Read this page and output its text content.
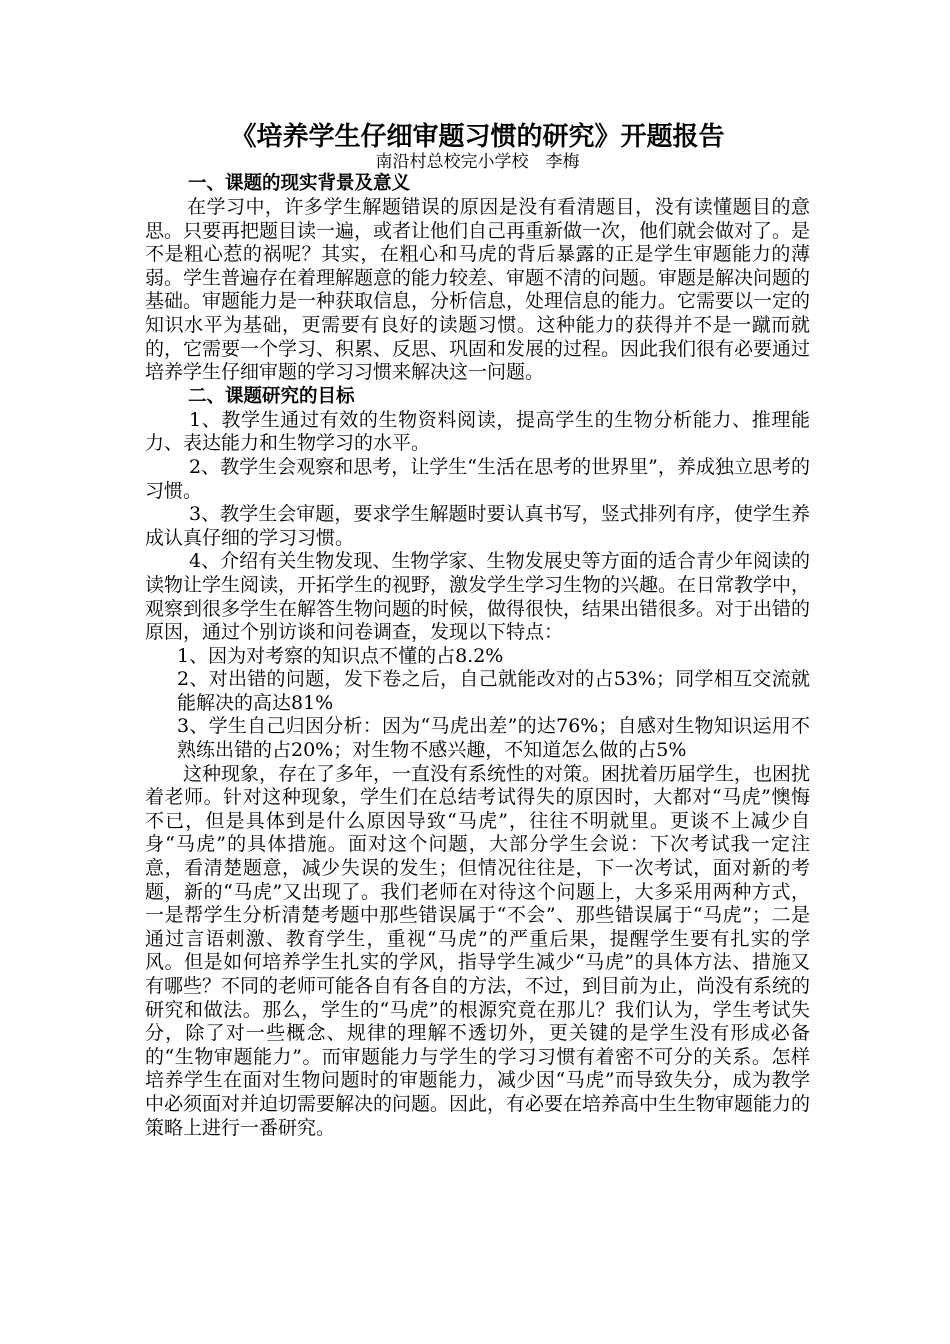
《培养学生仔细审题习惯的研究》开题报告
南沿村总校完小学校　李梅
一、课题的现实背景及意义

在学习中，许多学生解题错误的原因是没有看清题目，没有读懂题目的意思。只要再把题目读一遍，或者让他们自己再重新做一次，他们就会做对了。是不是粗心惹的祸呢？其实，在粗心和马虎的背后暴露的正是学生审题能力的薄弱。学生普遍存在着理解题意的能力较差、审题不清的问题。审题是解决问题的基础。审题能力是一种获取信息，分析信息，处理信息的能力。它需要以一定的知识水平为基础，更需要有良好的读题习惯。这种能力的获得并不是一蹴而就的，它需要一个学习、积累、反思、巩固和发展的过程。因此我们很有必要通过培养学生仔细审题的学习习惯来解决这一问题。

二、课题研究的目标

1、教学生通过有效的生物资料阅读，提高学生的生物分析能力、推理能力、表达能力和生物学习的水平。

2、教学生会观察和思考，让学生“生活在思考的世界里”，养成独立思考的习惯。

3、教学生会审题，要求学生解题时要认真书写，竖式排列有序，使学生养成认真仔细的学习习惯。

4、介绍有关生物发现、生物学家、生物发展史等方面的适合青少年阅读的读物让学生阅读，开拓学生的视野，激发学生学习生物的兴趣。在日常教学中，观察到很多学生在解答生物问题的时候，做得很快，结果出错很多。对于出错的原因，通过个别访谈和问卷调查，发现以下特点：

1、因为对考察的知识点不懂的占8.2%

2、对出错的问题，发下卷之后，自己就能改对的占53%；同学相互交流就能解决的高达81%

3、学生自己归因分析：因为“马虎出差”的达76%；自感对生物知识运用不熟练出错的占20%；对生物不感兴趣，不知道怎么做的占5%

这种现象，存在了多年，一直没有系统性的对策。困扰着历届学生，也困扰着老师。针对这种现象，学生们在总结考试得失的原因时，大都对“马虎”懊悔不已，但是具体到是什么原因导致“马虎”，往往不明就里。更谈不上减少自身“马虎”的具体措施。面对这个问题，大部分学生会说：下次考试我一定注意，看清楚题意，减少失误的发生；但情况往往是，下一次考试，面对新的考题，新的“马虎”又出现了。我们老师在对待这个问题上，大多采用两种方式，一是帮学生分析清楚考题中那些错误属于“不会”、那些错误属于“马虎”；二是通过言语刺激、教育学生，重视“马虎”的严重后果，提醒学生要有扎实的学风。但是如何培养学生扎实的学风，指导学生减少“马虎”的具体方法、措施又有哪些？不同的老师可能各自有各自的方法，不过，到目前为止，尚没有系统的研究和做法。那么，学生的“马虎”的根源究竟在那儿？我们认为，学生考试失分，除了对一些概念、规律的理解不透切外，更关键的是学生没有形成必备的“生物审题能力”。而审题能力与学生的学习习惯有着密不可分的关系。怎样培养学生在面对生物问题时的审题能力，减少因“马虎”而导致失分，成为教学中必须面对并迫切需要解决的问题。因此，有必要在培养高中生生物审题能力的策略上进行一番研究。
